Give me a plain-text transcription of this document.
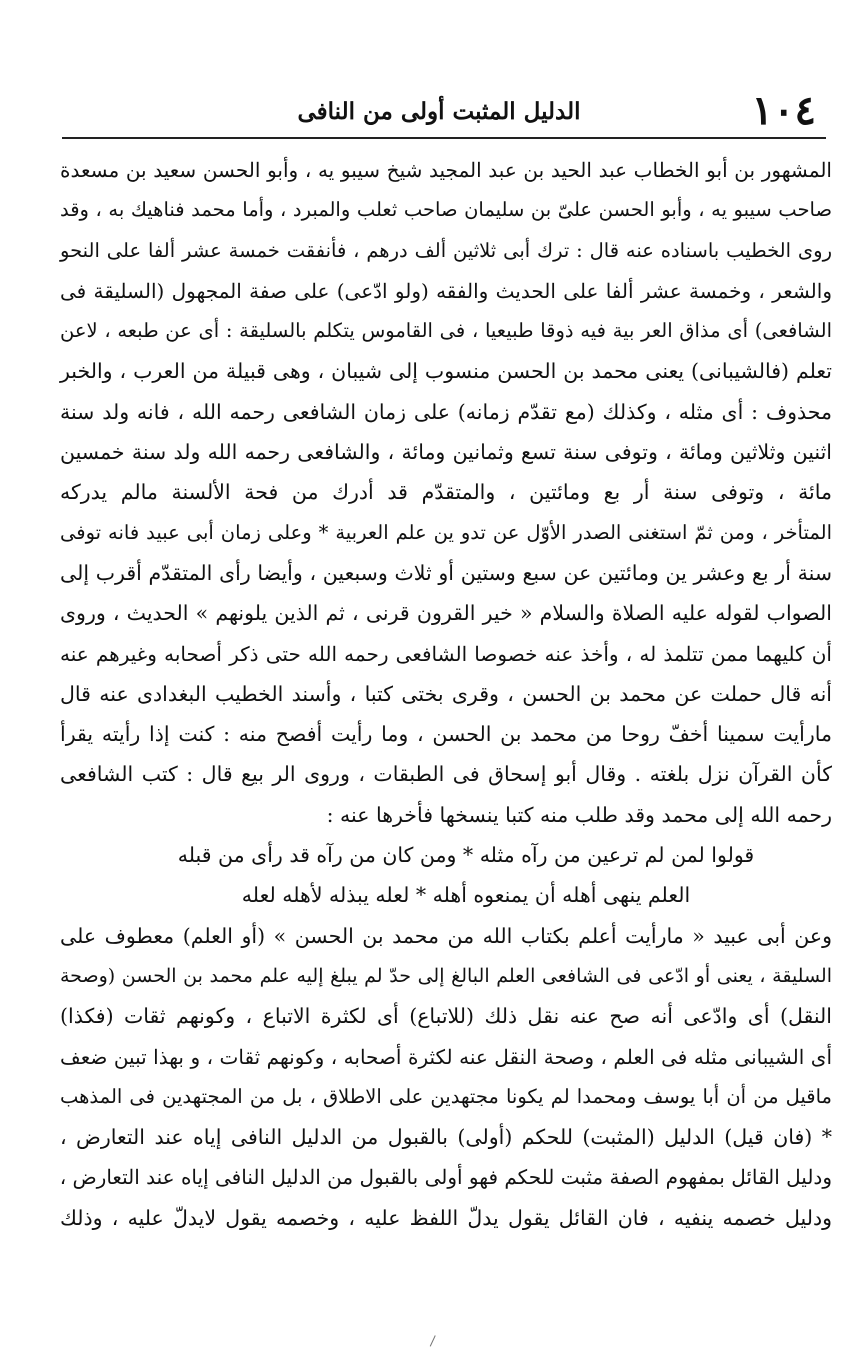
١٠٤
الدليل المثبت أولى من النافى
المشهور بن أبو الخطاب عبد الحيد بن عبد المجيد شيخ سيبو يه ، وأبو الحسن سعيد بن مسعدة
صاحب سيبو يه ، وأبو الحسن علىّ بن سليمان صاحب ثعلب والمبرد ، وأما محمد فناهيك به ، وقد
روى الخطيب باسناده عنه قال : ترك أبى ثلاثين ألف درهم ، فأنفقت خمسة عشر ألفا على النحو
والشعر ، وخمسة عشر ألفا على الحديث والفقه (ولو ادّعى) على صفة المجهول (السليقة فى
الشافعى) أى مذاق العر بية فيه ذوقا طبيعيا ، فى القاموس يتكلم بالسليقة : أى عن طبعه ، لاعن
تعلم (فالشيبانى) يعنى محمد بن الحسن منسوب إلى شيبان ، وهى قبيلة من العرب ، والخبر
محذوف : أى مثله ، وكذلك (مع تقدّم زمانه) على زمان الشافعى رحمه الله ، فانه ولد سنة
اثنين وثلاثين ومائة ، وتوفى سنة تسع وثمانين ومائة ، والشافعى رحمه الله ولد سنة خمسين
مائة ، وتوفى سنة أر بع ومائتين ، والمتقدّم قد أدرك من فحة الألسنة مالم يدركه
المتأخر ، ومن ثمّ استغنى الصدر الأوّل عن تدو ين علم العربية * وعلى زمان أبى عبيد فانه توفى
سنة أر بع وعشر ين ومائتين عن سبع وستين أو ثلاث وسبعين ، وأيضا رأى المتقدّم أقرب إلى
الصواب لقوله عليه الصلاة والسلام « خير القرون قرنى ، ثم الذين يلونهم » الحديث ، وروى
أن كليهما ممن تتلمذ له ، وأخذ عنه خصوصا الشافعى رحمه الله حتى ذكر أصحابه وغيرهم عنه
أنه قال حملت عن محمد بن الحسن ، وقرى بختى كتبا ، وأسند الخطيب البغدادى عنه قال
مارأيت سمينا أخفّ روحا من محمد بن الحسن ، وما رأيت أفصح منه : كنت إذا رأيته يقرأ
كأن القرآن نزل بلغته . وقال أبو إسحاق فى الطبقات ، وروى الر بيع قال : كتب الشافعى
رحمه الله إلى محمد وقد طلب منه كتبا ينسخها فأخرها عنه :
قولوا لمن لم ترعين من رآه مثله * ومن كان من رآه قد رأى من قبله
العلم ينهى أهله أن يمنعوه أهله * لعله يبذله لأهله لعله
وعن أبى عبيد « مارأيت أعلم بكتاب الله من محمد بن الحسن » (أو العلم) معطوف على
السليقة ، يعنى أو ادّعى فى الشافعى العلم البالغ إلى حدّ لم يبلغ إليه علم محمد بن الحسن (وصحة
النقل) أى وادّعى أنه صح عنه نقل ذلك (للاتباع) أى لكثرة الاتباع ، وكونهم ثقات (فكذا)
أى الشيبانى مثله فى العلم ، وصحة النقل عنه لكثرة أصحابه ، وكونهم ثقات ، و بهذا تبين ضعف
ماقيل من أن أبا يوسف ومحمدا لم يكونا مجتهدين على الاطلاق ، بل من المجتهدين فى المذهب
* (فان قيل) الدليل (المثبت) للحكم (أولى) بالقبول من الدليل النافى إياه عند التعارض ،
ودليل القائل بمفهوم الصفة مثبت للحكم فهو أولى بالقبول من الدليل النافى إياه عند التعارض ،
ودليل خصمه ينفيه ، فان القائل يقول يدلّ اللفظ عليه ، وخصمه يقول لايدلّ عليه ، وذلك
